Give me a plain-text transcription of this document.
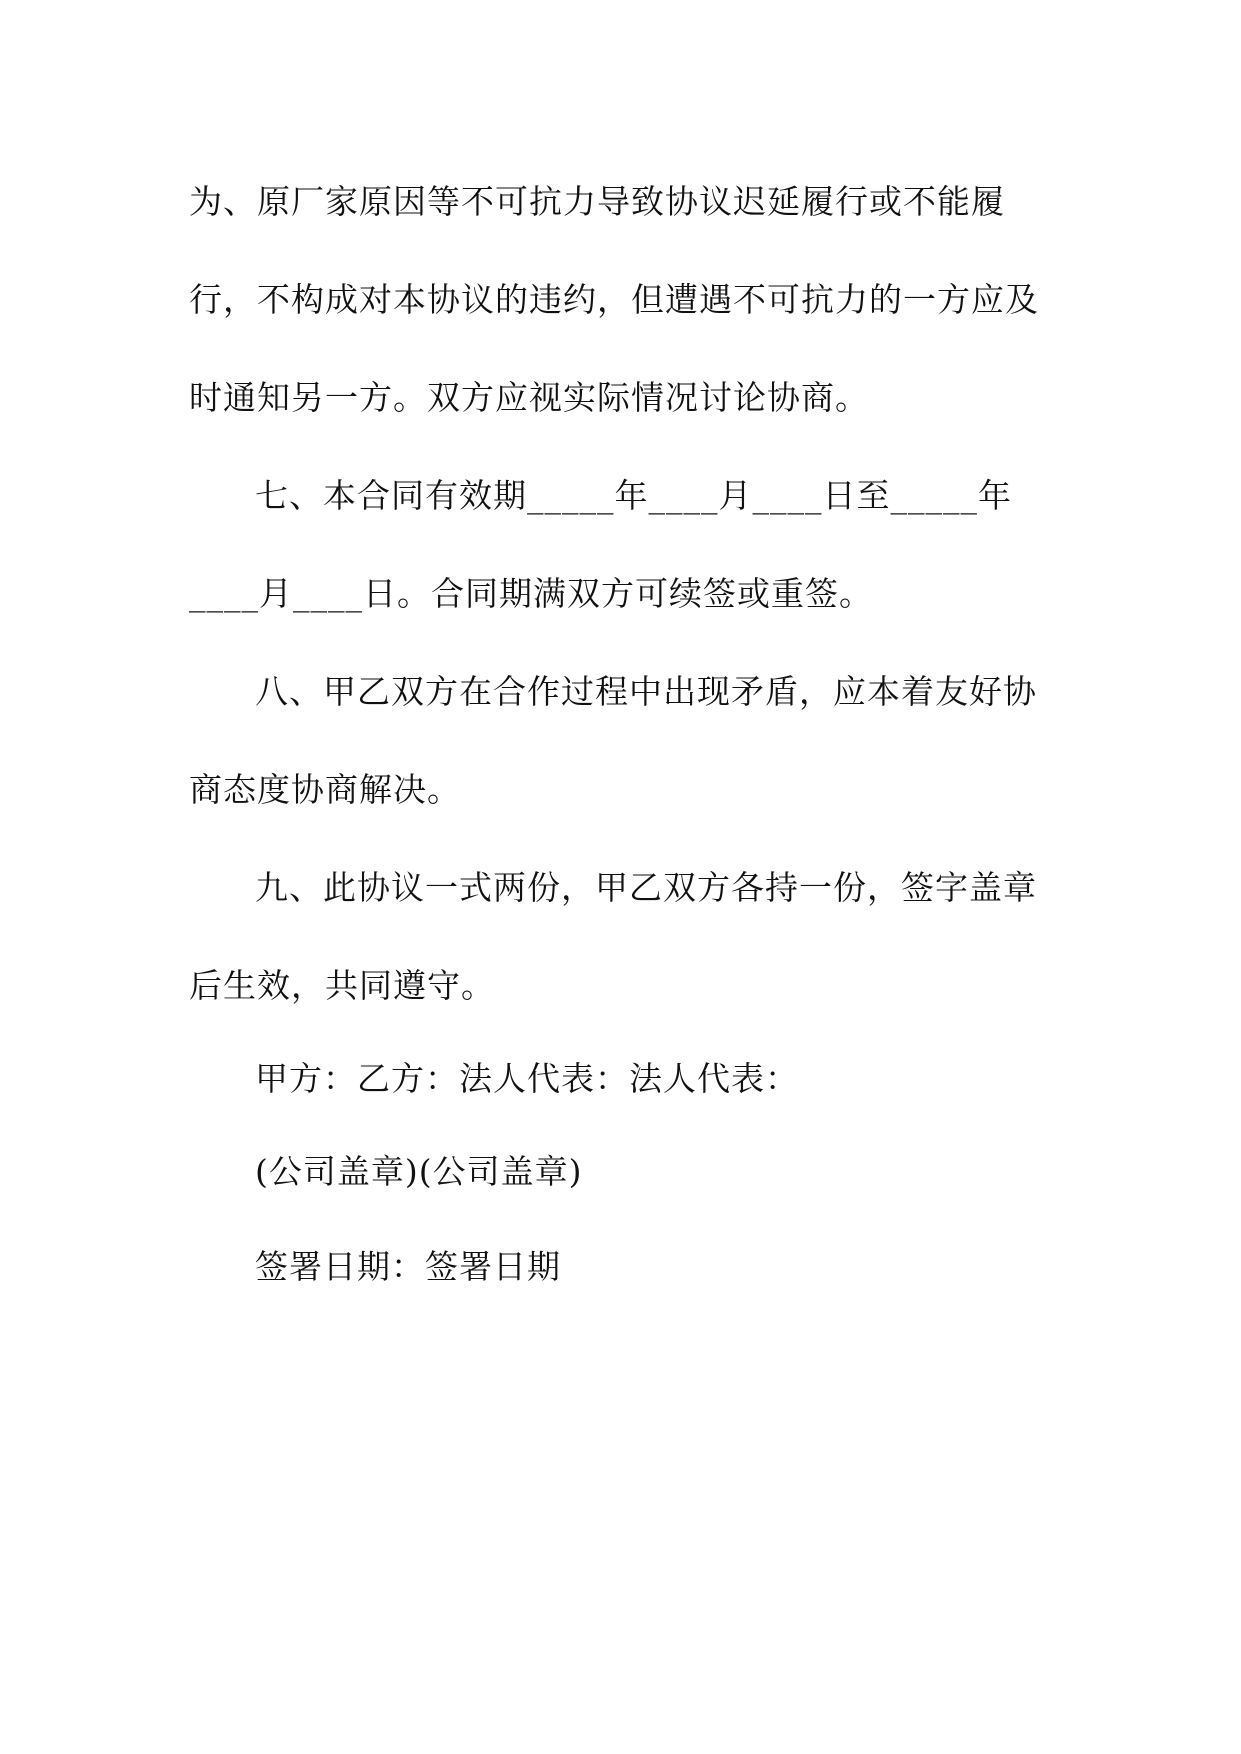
为、原厂家原因等不可抗力导致协议迟延履行或不能履
行，不构成对本协议的违约，但遭遇不可抗力的一方应及
时通知另一方。双方应视实际情况讨论协商。
七、本合同有效期_____年____月____日至_____年
____月____日。合同期满双方可续签或重签。
八、甲乙双方在合作过程中出现矛盾，应本着友好协
商态度协商解决。
九、此协议一式两份，甲乙双方各持一份，签字盖章
后生效，共同遵守。
甲方：乙方：法人代表：法人代表：
(公司盖章)(公司盖章)
签署日期：签署日期
